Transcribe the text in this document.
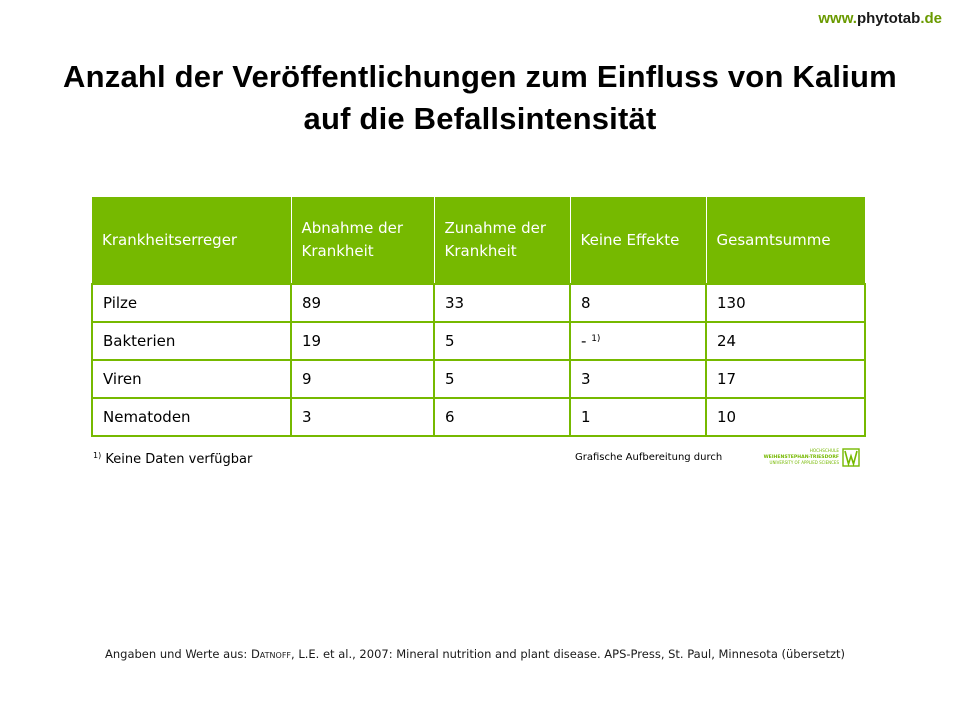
www.phytotab.de
Anzahl der Veröffentlichungen zum Einfluss von Kalium auf die Befallsintensität
Krankheitserreger	Abnahme der Krankheit	Zunahme der Krankheit	Keine Effekte	Gesamtsumme
Pilze	89	33	8	130
Bakterien	19	5	- $^{1)}$	24
Viren	9	5	3	17
Nematoden	3	6	1	10
$^{1)}$ Keine Daten verfügbar	Grafische Aufbereitung durch
HOCHSCHULE
WEIHENSTEPHAN-TRIESDORF
UNIVERSITY OF APPLIED SCIENCES
Angaben und Werte aus: Datnoff, L.E. et al., 2007: Mineral nutrition and plant disease. APS-Press, St. Paul, Minnesota (übersetzt)
